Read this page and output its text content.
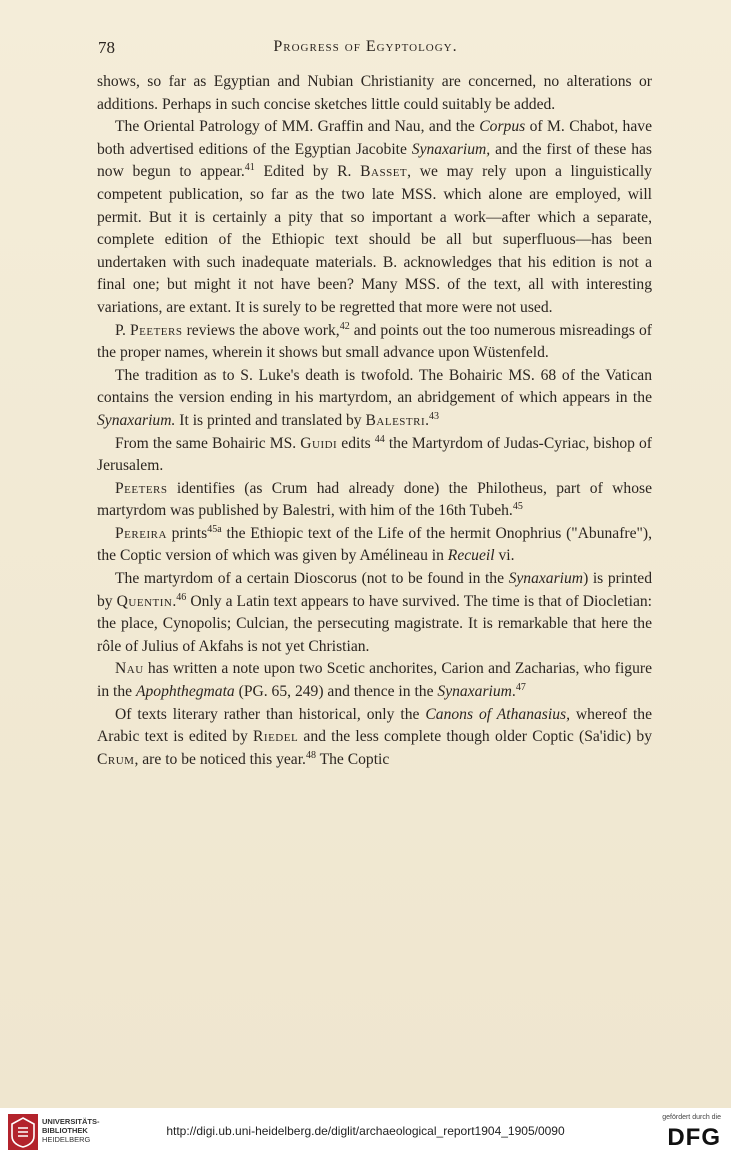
78	Progress of Egyptology.

shows, so far as Egyptian and Nubian Christianity are concerned, no alterations or additions. Perhaps in such concise sketches little could suitably be added.

The Oriental Patrology of MM. Graffin and Nau, and the Corpus of M. Chabot, have both advertised editions of the Egyptian Jacobite Synaxarium, and the first of these has now begun to appear.$^{41}$ Edited by R. Basset, we may rely upon a linguistically competent publication, so far as the two late MSS. which alone are employed, will permit. But it is certainly a pity that so important a work—after which a separate, complete edition of the Ethiopic text should be all but superfluous—has been undertaken with such inadequate materials. B. acknowledges that his edition is not a final one; but might it not have been? Many MSS. of the text, all with interesting variations, are extant. It is surely to be regretted that more were not used.

P. Peeters reviews the above work,$^{42}$ and points out the too numerous misreadings of the proper names, wherein it shows but small advance upon Wüstenfeld.

The tradition as to S. Luke's death is twofold. The Bohairic MS. 68 of the Vatican contains the version ending in his martyrdom, an abridgement of which appears in the Synaxarium. It is printed and translated by Balestri.$^{43}$

From the same Bohairic MS. Guidi edits $^{44}$ the Martyrdom of Judas-Cyriac, bishop of Jerusalem.

Peeters identifies (as Crum had already done) the Philotheus, part of whose martyrdom was published by Balestri, with him of the 16th Tubeh.$^{45}$

Pereira prints$^{45a}$ the Ethiopic text of the Life of the hermit Onophrius ("Abunafre"), the Coptic version of which was given by Amélineau in Recueil vi.

The martyrdom of a certain Dioscorus (not to be found in the Synaxarium) is printed by Quentin.$^{46}$ Only a Latin text appears to have survived. The time is that of Diocletian: the place, Cynopolis; Culcian, the persecuting magistrate. It is remarkable that here the rôle of Julius of Akfahs is not yet Christian.

Nau has written a note upon two Scetic anchorites, Carion and Zacharias, who figure in the Apophthegmata (PG. 65, 249) and thence in the Synaxarium.$^{47}$

Of texts literary rather than historical, only the Canons of Athanasius, whereof the Arabic text is edited by Riedel and the less complete though older Coptic (Sa'idic) by Crum, are to be noticed this year.$^{48}$ The Coptic

UNIVERSITÄTS-
BIBLIOTHEK
HEIDELBERG
http://digi.ub.uni-heidelberg.de/diglit/archaeological_report1904_1905/0090
gefördert durch die
DFG
